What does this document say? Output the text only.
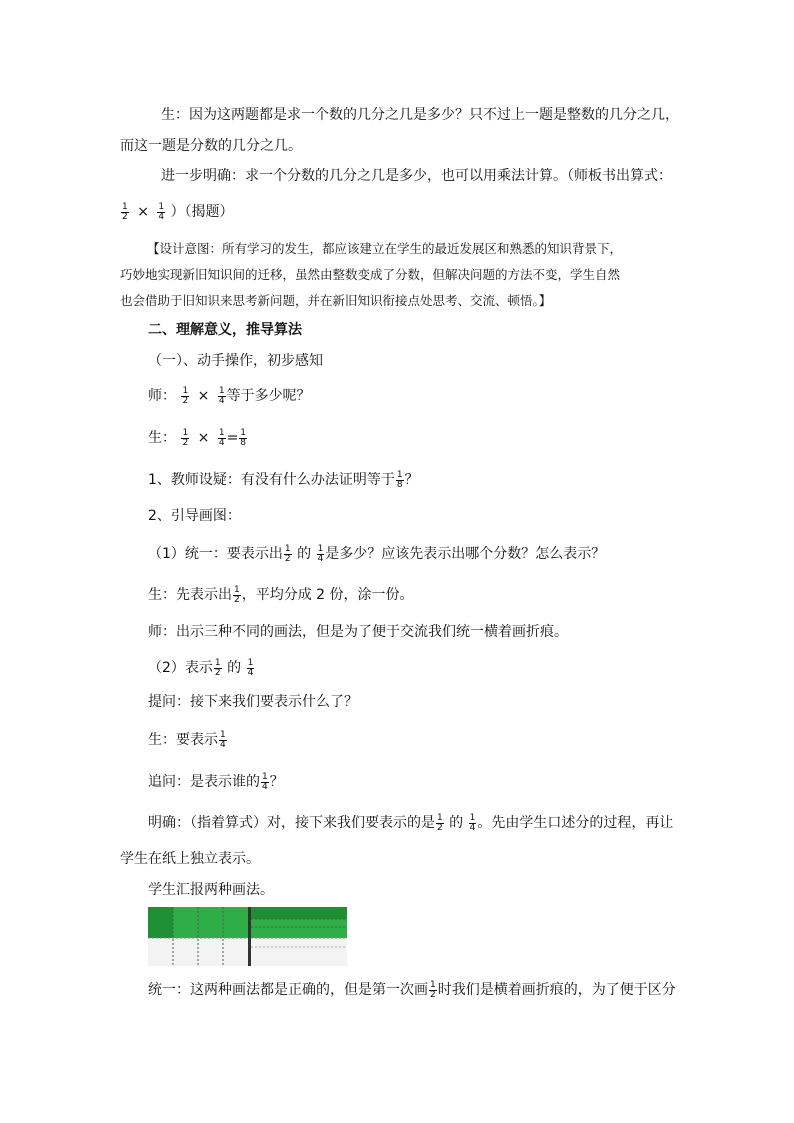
生：因为这两题都是求一个数的几分之几是多少？只不过上一题是整数的几分之几，
而这一题是分数的几分之几。
进一步明确：求一个分数的几分之几是多少，也可以用乘法计算。（师板书出算式：
$\frac{1}{2} \times \frac{1}{4}$ ）（揭题）
【设计意图：所有学习的发生，都应该建立在学生的最近发展区和熟悉的知识背景下，
巧妙地实现新旧知识间的迁移，虽然由整数变成了分数，但解决问题的方法不变，学生自然
也会借助于旧知识来思考新问题，并在新旧知识衔接点处思考、交流、顿悟。】
二、理解意义，推导算法
（一）、动手操作，初步感知
师： $\frac{1}{2} \times \frac{1}{4}$ 等于多少呢？
生： $\frac{1}{2} \times \frac{1}{4} = \frac{1}{8}$
1、教师设疑：有没有什么办法证明等于 $\frac{1}{8}$ ？
2、引导画图：
（1）统一：要表示出 $\frac{1}{2}$ 的 $\frac{1}{4}$ 是多少？应该先表示出哪个分数？怎么表示？
生：先表示出 $\frac{1}{2}$ ，平均分成 2 份，涂一份。
师：出示三种不同的画法，但是为了便于交流我们统一横着画折痕。
（2）表示 $\frac{1}{2}$ 的 $\frac{1}{4}$
提问：接下来我们要表示什么了？
生：要表示 $\frac{1}{4}$
追问：是表示谁的 $\frac{1}{4}$ ？
明确：（指着算式）对，接下来我们要表示的是 $\frac{1}{2}$ 的 $\frac{1}{4}$ 。先由学生口述分的过程，再让
学生在纸上独立表示。
学生汇报两种画法。
统一：这两种画法都是正确的，但是第一次画 $\frac{1}{2}$ 时我们是横着画折痕的，为了便于区分
